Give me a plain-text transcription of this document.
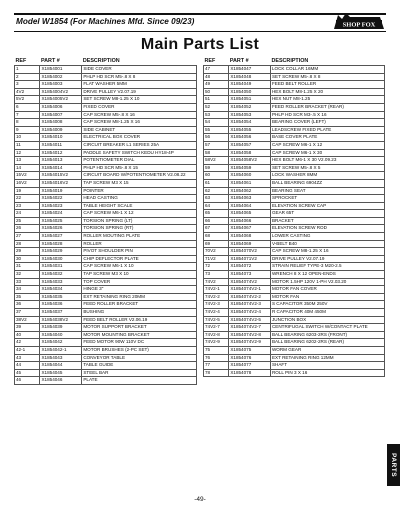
Model W1854 (For Machines Mfd. Since 09/23)	SHOP FOX
Main Parts List
REF	PART #	DESCRIPTION
1	X1854001	SIDE COVER
2	X1854002	PHLP HD SCR M5-.8 X 8
3	X1854003	FLAT WASHER 5MM
4V2	X1854004V2	DRIVE PULLEY V2.07.19
5V2	X1854005V2	SET SCREW M8-1.25 X 10
6	X1854006	FIXED COVER
7	X1854007	CAP SCREW M5-.8 X 16
8	X1854008	CAP SCREW M8-1.25 X 16
9	X1854009	SIDE CABINET
10	X1854010	ELECTRICAL BOX COVER
11	X1854011	CIRCUIT BREAKER L1 SERIES 25A
12	X1854012	PADDLE SAFETY SWITCH KEDU HY18-4P
13	X1854013	POTENTIOMETER DIAL
14	X1854014	PHLP HD SCR M5-.8 X 15
15V2	X1854015V2	CIRCUIT BOARD W/POTENTIOMETER V2.08.22
16V2	X1854016V2	TAP SCREW M3 X 15
19	X1854019	POINTER
22	X1854022	HEAD CASTING
23	X1854023	TABLE HEIGHT SCALE
24	X1854024	CAP SCREW M6-1 X 12
25	X1854025	TORSION SPRING (LT)
26	X1854026	TORSION SPRING (RT)
27	X1854027	ROLLER MOUTING PLATE
28	X1854028	ROLLER
29	X1854029	PIVOT SHOULDER PIN
30	X1854030	CHIP DEFLECTOR PLATE
31	X1854031	CAP SCREW M6-1 X 10
32	X1854032	TAP SCREW M3 X 10
33	X1854033	TOP COVER
34	X1854034	HINGE 3"
35	X1854035	EXT RETAINING RING 20MM
36	X1854036	FEED ROLLER BRACKET
37	X1854037	BUSHING
38V2	X1854038V2	FEED BELT ROLLER V2.06.19
39	X1854039	MOTOR SUPPORT BRACKET
40	X1854040	MOTOR MOUNTING BRACKET
42	X1854042	FEED MOTOR 90W 110V DC
42-1	X1854042-1	MOTOR BRUSHES (2-PC SET)
43	X1854043	CONVEYOR TABLE
44	X1854044	TABLE GUIDE
45	X1854045	STEEL BAR
46	X1854046	PLATE
REF	PART #	DESCRIPTION
47	X1854047	LOCK COLLAR 16MM
48	X1854048	SET SCREW M5-.8 X 8
49	X1854049	FEED BELT ROLLER
50	X1854050	HEX BOLT M8-1.25 X 20
51	X1854051	HEX NUT M8-1.25
52	X1854052	FEED ROLLER BRACKET (REAR)
53	X1854053	PHLP HD SCR M3-.5 X 16
54	X1854054	BEARING COVER (LEFT)
55	X1854055	LEADSCREW FIXED PLATE
56	X1854056	BASE COVER PLATE
57	X1854057	CAP SCREW M6-1 X 12
58	X1854058	CAP SCREW M6-1 X 30
58V2	X1854058V2	HEX BOLT M6-1 X 30 V2.09.23
59	X1854059	SET SCREW M5-.8 X 5
60	X1854060	LOCK WASHER 8MM
61	X1854061	BALL BEARING 6904ZZ
62	X1854062	BEARING SEAT
63	X1854063	SPROCKET
64	X1854064	ELEVATION SCREW CAP
65	X1854065	GEAR 65T
66	X1854066	BRACKET
67	X1854067	ELEVATION SCREW ROD
68	X1854068	LOWER CASTING
69	X1854069	V-BELT B40
70V2	X1854070V2	CAP SCREW M8-1.25 X 16
71V2	X1854071V2	DRIVE PULLEY V2.07.19
72	X1854072	STRAIN RELIEF TYPE-3 M20-2.5
73	X1854073	WRENCH 8 X 12 OPEN-ENDS
74V2	X1854074V2	MOTOR 1.5HP 120V 1-PH V2.03.20
74V2-1	X1854074V2-1	MOTOR FAN COVER
74V2-2	X1854074V2-2	MOTOR FAN
74V2-3	X1854074V2-3	S CAPACITOR 350M 250V
74V2-4	X1854074V2-4	R CAPACITOR 40M 450M
74V2-5	X1854074V2-5	JUNCTION BOX
74V2-7	X1854074V2-7	CENTRIFUGAL SWITCH W/CONTACT PLATE
74V2-8	X1854074V2-8	BALL BEARING 6203-2RS (FRONT)
74V2-9	X1854074V2-9	BALL BEARING 6202-2RS (REAR)
75	X1854075	WORM GEAR
76	X1854076	EXT RETAINING RING 12MM
77	X1854077	SHAFT
78	X1854078	ROLL PIN 3 X 16
-49-
PARTS
